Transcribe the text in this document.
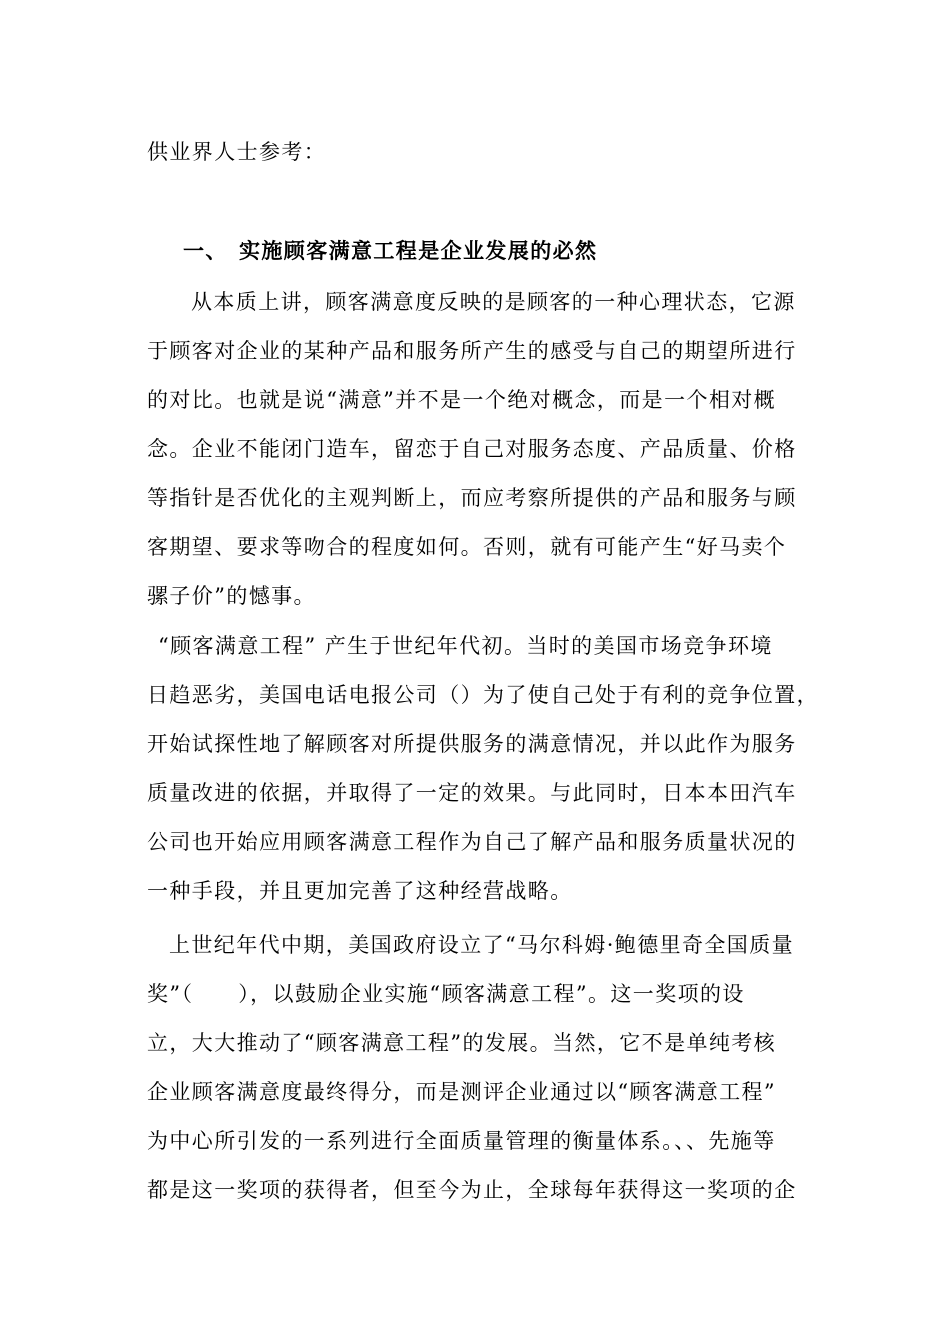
供业界人士参考：
一、 实施顾客满意工程是企业发展的必然
从本质上讲，顾客满意度反映的是顾客的一种心理状态，它源
于顾客对企业的某种产品和服务所产生的感受与自己的期望所进行
的对比。也就是说“满意”并不是一个绝对概念，而是一个相对概
念。企业不能闭门造车，留恋于自己对服务态度、产品质量、价格
等指针是否优化的主观判断上，而应考察所提供的产品和服务与顾
客期望、要求等吻合的程度如何。否则，就有可能产生“好马卖个
骡子价”的憾事。
“顾客满意工程” 产生于世纪年代初。当时的美国市场竞争环境
日趋恶劣，美国电话电报公司（）为了使自己处于有利的竞争位置，
开始试探性地了解顾客对所提供服务的满意情况，并以此作为服务
质量改进的依据，并取得了一定的效果。与此同时，日本本田汽车
公司也开始应用顾客满意工程作为自己了解产品和服务质量状况的
一种手段，并且更加完善了这种经营战略。
上世纪年代中期，美国政府设立了“马尔科姆·鲍德里奇全国质量
奖”（　　），以鼓励企业实施“顾客满意工程”。这一奖项的设
立，大大推动了“顾客满意工程”的发展。当然，它不是单纯考核
企业顾客满意度最终得分，而是测评企业通过以“顾客满意工程”
为中心所引发的一系列进行全面质量管理的衡量体系。、、先施等
都是这一奖项的获得者，但至今为止，全球每年获得这一奖项的企
